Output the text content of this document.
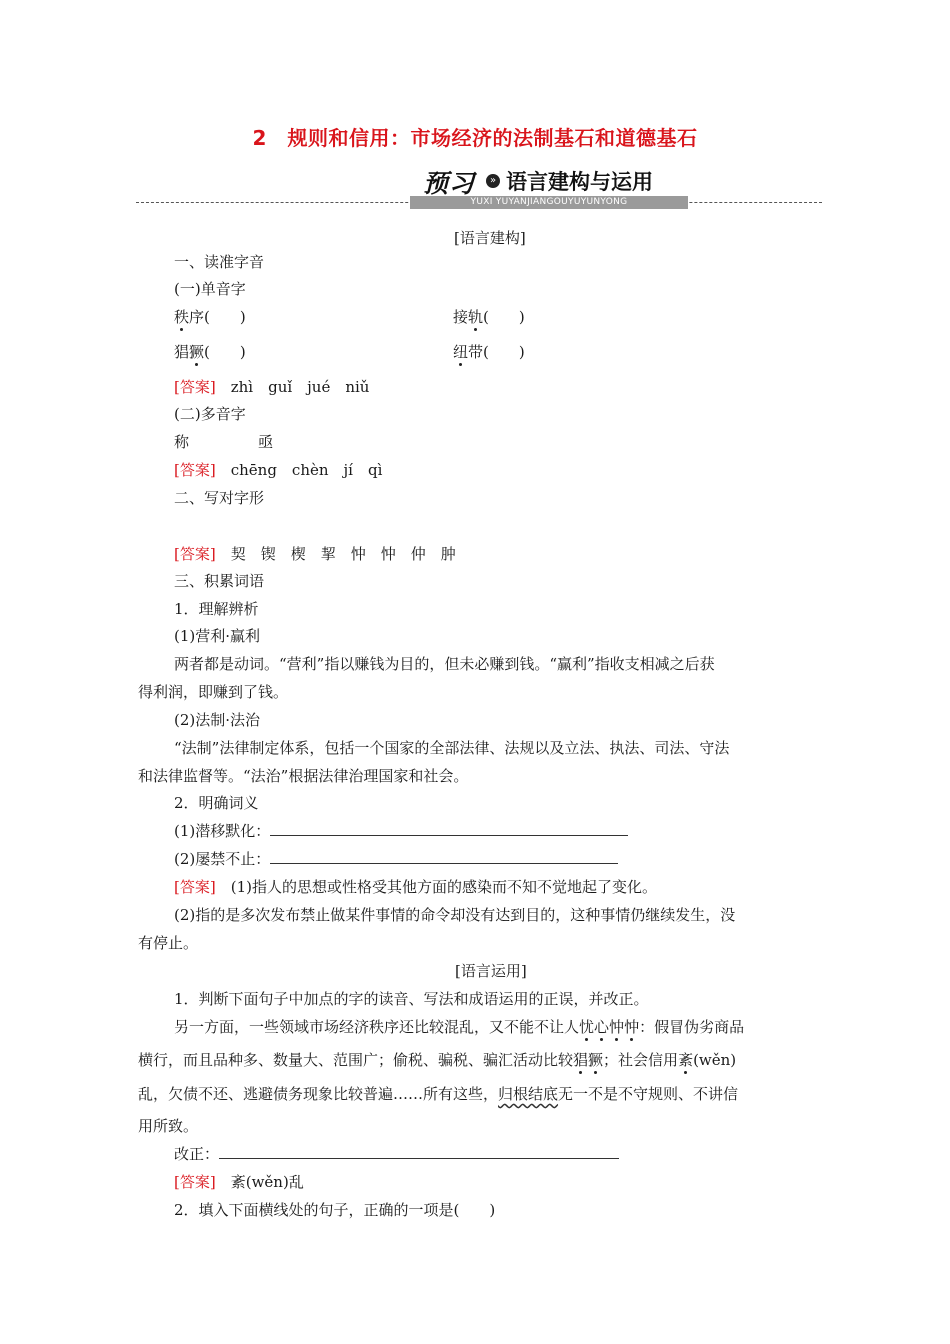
2　规则和信用：市场经济的法制基石和道德基石
YUXI YUYANJIANGOUYUYUNYONG
预习	» 语言建构与运用
[语言建构]
一、读准字音
(一)单音字
秩序(　　)	接轨(　　)
猖獗(　　)	纽带(　　)
[答案]　 zhì　guǐ　jué　niǔ
(二)多音字
称	亟
[答案]　 chēng　chèn　jí　qì
二、写对字形
[答案]　 契　锲　楔　挈　忡　忡　仲　肿
三、积累词语
1．理解辨析
(1)营利·赢利
两者都是动词。“营利”指以赚钱为目的，但未必赚到钱。“赢利”指收支相减之后获
得利润，即赚到了钱。
(2)法制·法治
“法制”法律制定体系，包括一个国家的全部法律、法规以及立法、执法、司法、守法
和法律监督等。“法治”根据法律治理国家和社会。
2．明确词义
(1)潜移默化：
(2)屡禁不止：
[答案]　 (1)指人的思想或性格受其他方面的感染而不知不觉地起了变化。
(2)指的是多次发布禁止做某件事情的命令却没有达到目的，这种事情仍继续发生，没
有停止。
[语言运用]
1．判断下面句子中加点的字的读音、写法和成语运用的正误，并改正。
另一方面，一些领域市场经济秩序还比较混乱，又不能不让人忧心忡忡：假冒伪劣商品
横行，而且品种多、数量大、范围广；偷税、骗税、骗汇活动比较猖獗；社会信用紊(wěn)
乱，欠债不还、逃避债务现象比较普遍……所有这些，归根结底无一不是不守规则、不讲信
用所致。
改正：
[答案]　 紊(wěn)乱
2．填入下面横线处的句子，正确的一项是(　　)
